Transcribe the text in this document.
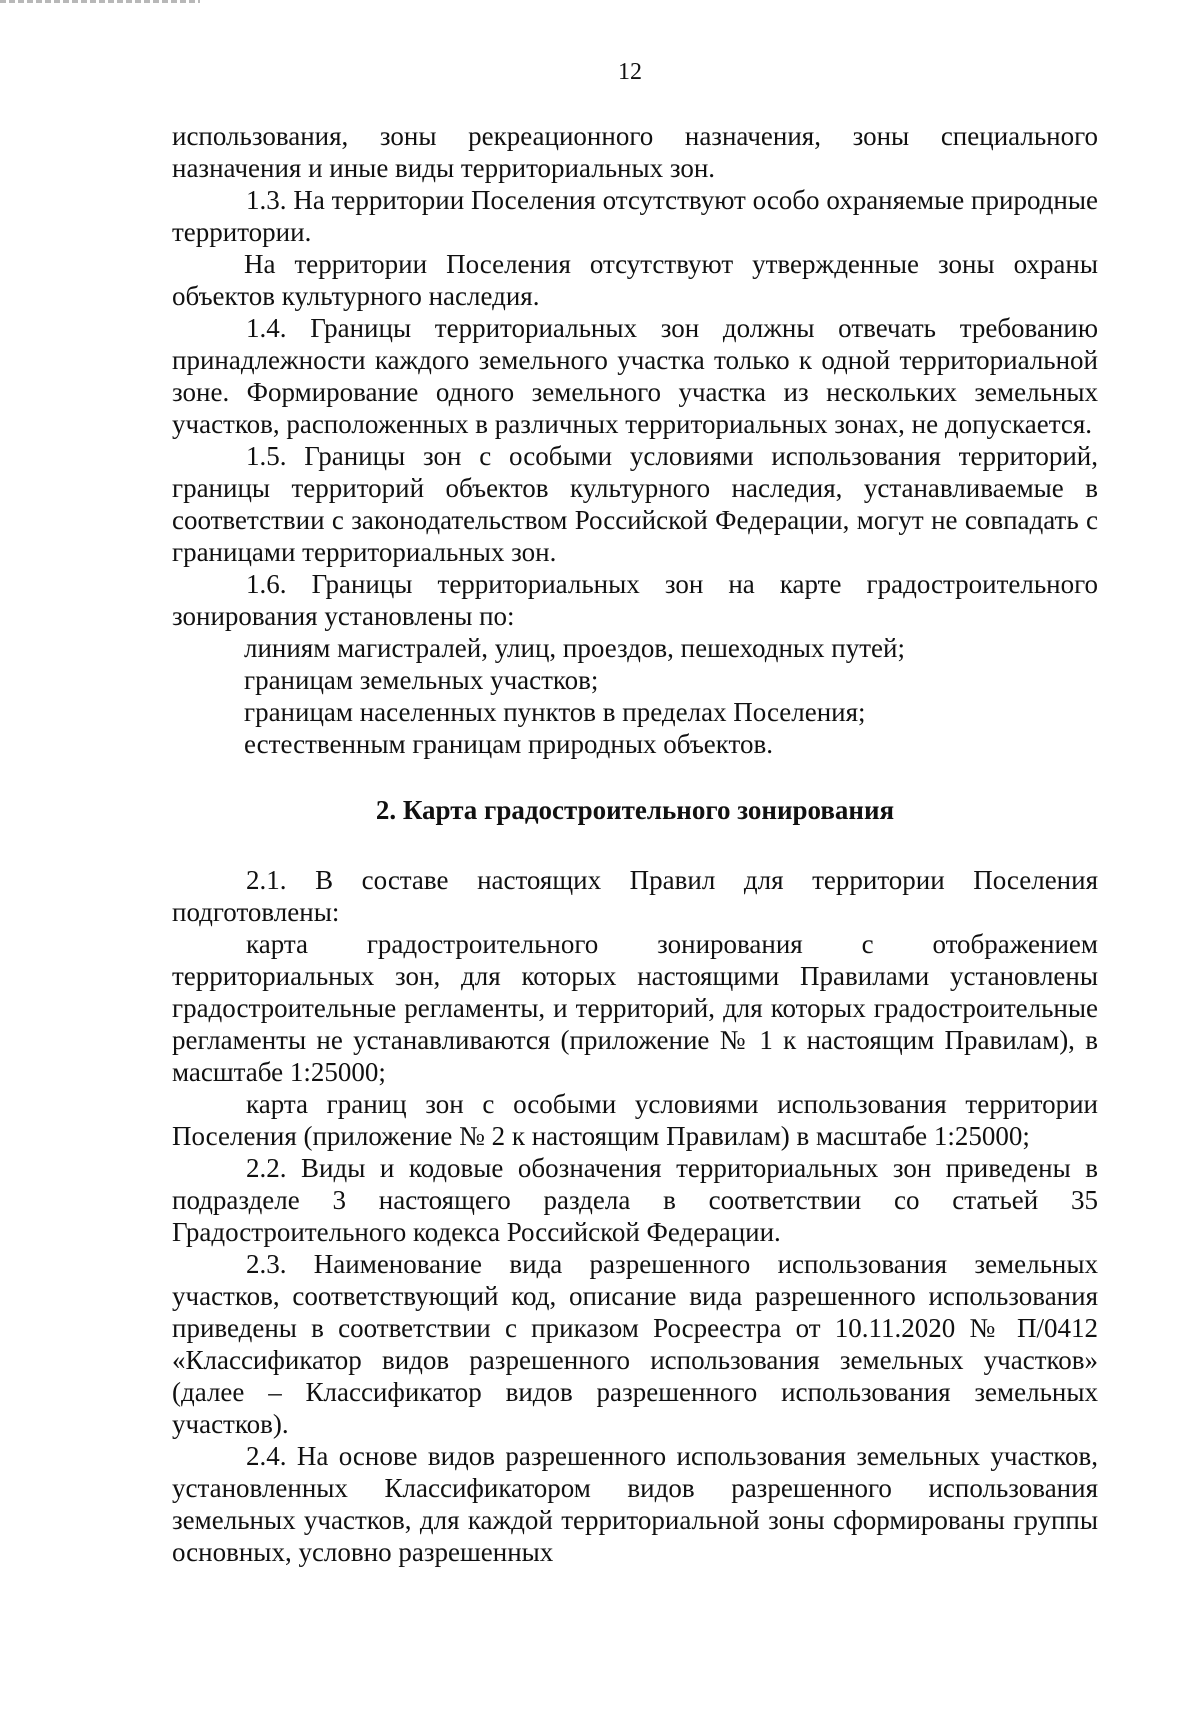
12

использования, зоны рекреационного назначения, зоны специального назначения и иные виды территориальных зон.

1.3. На территории Поселения отсутствуют особо охраняемые природные территории.

На территории Поселения отсутствуют утвержденные зоны охраны объектов культурного наследия.

1.4. Границы территориальных зон должны отвечать требованию принадлежности каждого земельного участка только к одной территориальной зоне. Формирование одного земельного участка из нескольких земельных участков, расположенных в различных территориальных зонах, не допускается.

1.5. Границы зон с особыми условиями использования территорий, границы территорий объектов культурного наследия, устанавливаемые в соответствии с законодательством Российской Федерации, могут не совпадать с границами территориальных зон.

1.6. Границы территориальных зон на карте градостроительного зонирования установлены по:

линиям магистралей, улиц, проездов, пешеходных путей;

границам земельных участков;

границам населенных пунктов в пределах Поселения;

естественным границам природных объектов.

2. Карта градостроительного зонирования

2.1. В составе настоящих Правил для территории Поселения подготовлены:

карта градостроительного зонирования с отображением территориальных зон, для которых настоящими Правилами установлены градостроительные регламенты, и территорий, для которых градостроительные регламенты не устанавливаются (приложение № 1 к настоящим Правилам), в масштабе 1:25000;

карта границ зон с особыми условиями использования территории Поселения (приложение № 2 к настоящим Правилам) в масштабе 1:25000;

2.2. Виды и кодовые обозначения территориальных зон приведены в подразделе 3 настоящего раздела в соответствии со статьей 35 Градостроительного кодекса Российской Федерации.

2.3. Наименование вида разрешенного использования земельных участков, соответствующий код, описание вида разрешенного использования приведены в соответствии с приказом Росреестра от 10.11.2020 № П/0412 «Классификатор видов разрешенного использования земельных участков» (далее – Классификатор видов разрешенного использования земельных участков).

2.4. На основе видов разрешенного использования земельных участков, установленных Классификатором видов разрешенного использования земельных участков, для каждой территориальной зоны сформированы группы основных, условно разрешенных
